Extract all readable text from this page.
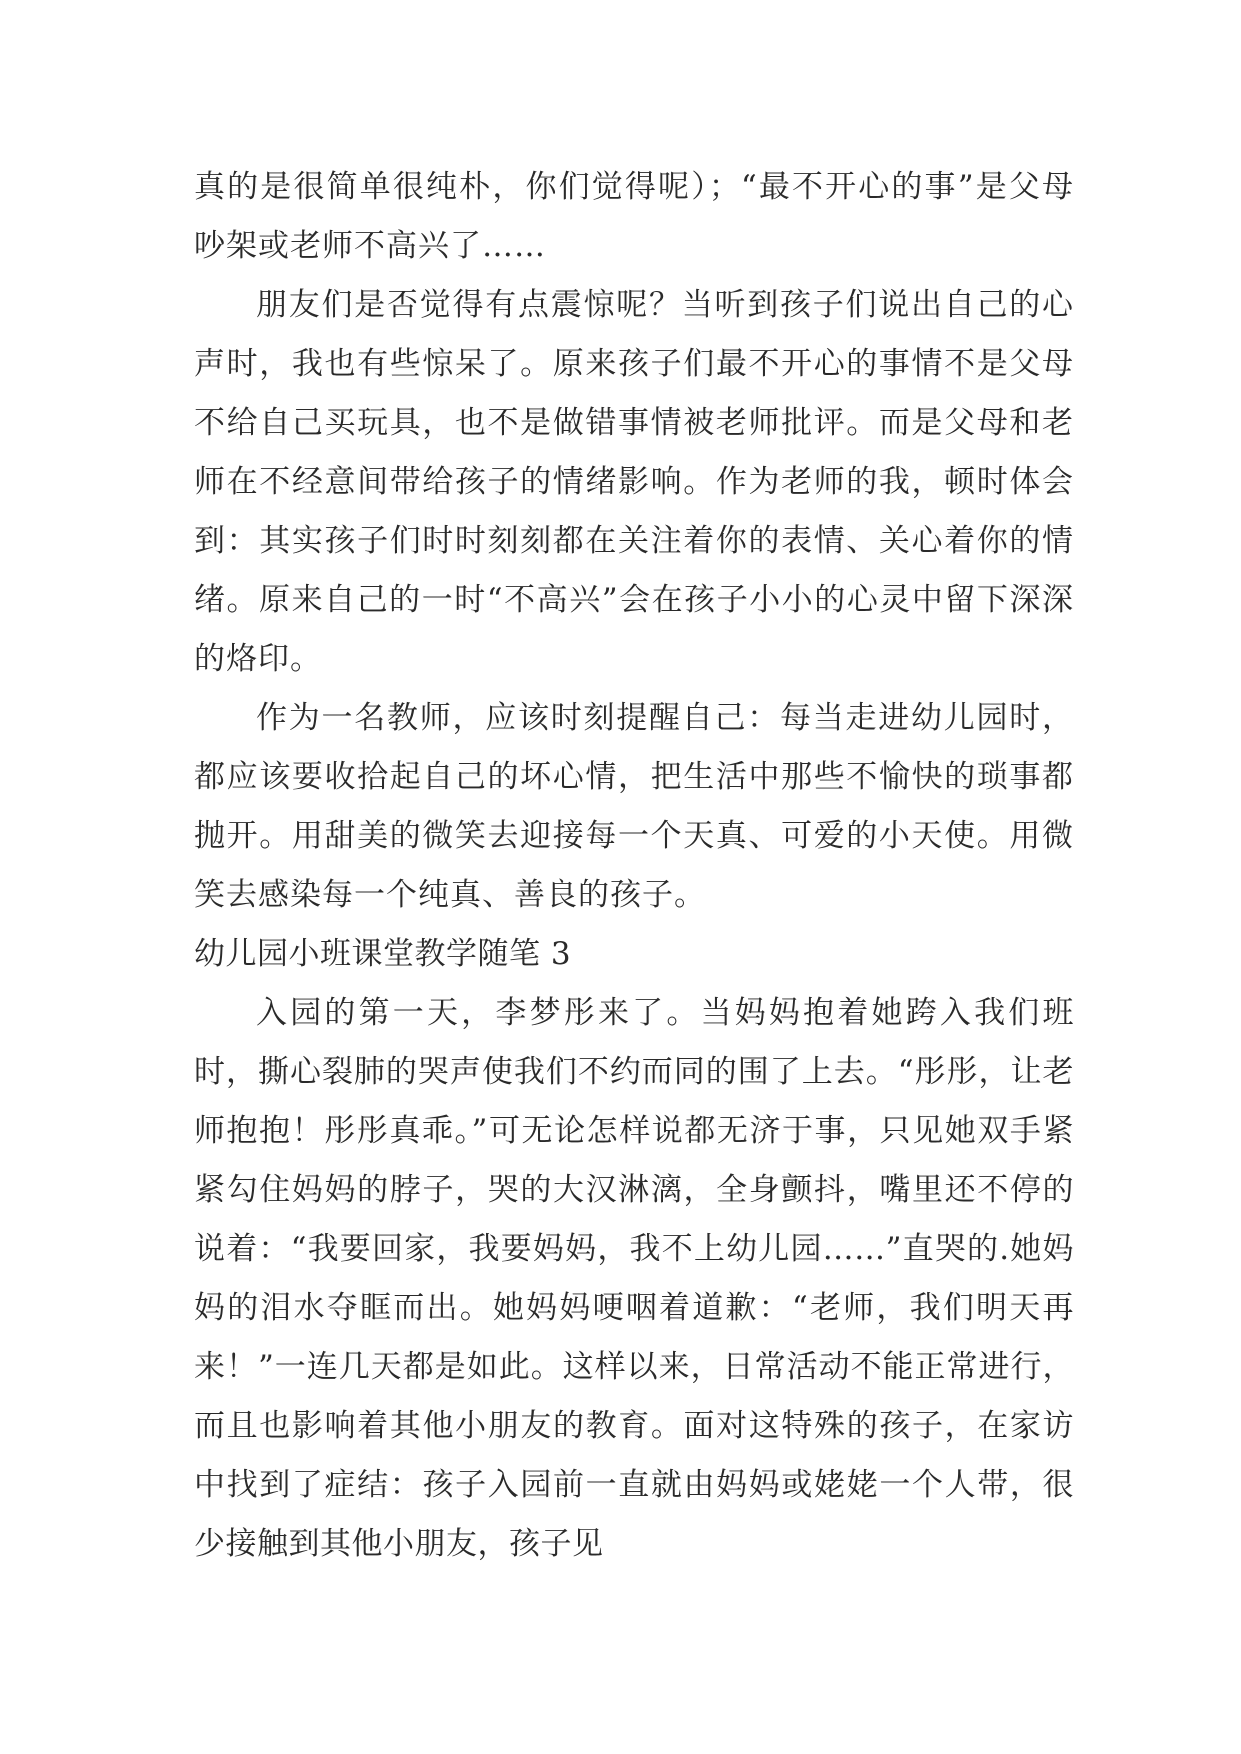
真的是很简单很纯朴，你们觉得呢）；“最不开心的事”是父母吵架或老师不高兴了……

朋友们是否觉得有点震惊呢？当听到孩子们说出自己的心声时，我也有些惊呆了。原来孩子们最不开心的事情不是父母不给自己买玩具，也不是做错事情被老师批评。而是父母和老师在不经意间带给孩子的情绪影响。作为老师的我，顿时体会到：其实孩子们时时刻刻都在关注着你的表情、关心着你的情绪。原来自己的一时“不高兴”会在孩子小小的心灵中留下深深的烙印。

作为一名教师，应该时刻提醒自己：每当走进幼儿园时，都应该要收拾起自己的坏心情，把生活中那些不愉快的琐事都抛开。用甜美的微笑去迎接每一个天真、可爱的小天使。用微笑去感染每一个纯真、善良的孩子。

幼儿园小班课堂教学随笔 3

入园的第一天，李梦彤来了。当妈妈抱着她跨入我们班时，撕心裂肺的哭声使我们不约而同的围了上去。“彤彤，让老师抱抱！彤彤真乖。”可无论怎样说都无济于事，只见她双手紧紧勾住妈妈的脖子，哭的大汉淋漓，全身颤抖，嘴里还不停的说着：“我要回家，我要妈妈，我不上幼儿园……”直哭的.她妈妈的泪水夺眶而出。她妈妈哽咽着道歉：“老师，我们明天再来！”一连几天都是如此。这样以来，日常活动不能正常进行，而且也影响着其他小朋友的教育。面对这特殊的孩子，在家访中找到了症结：孩子入园前一直就由妈妈或姥姥一个人带，很少接触到其他小朋友，孩子见
